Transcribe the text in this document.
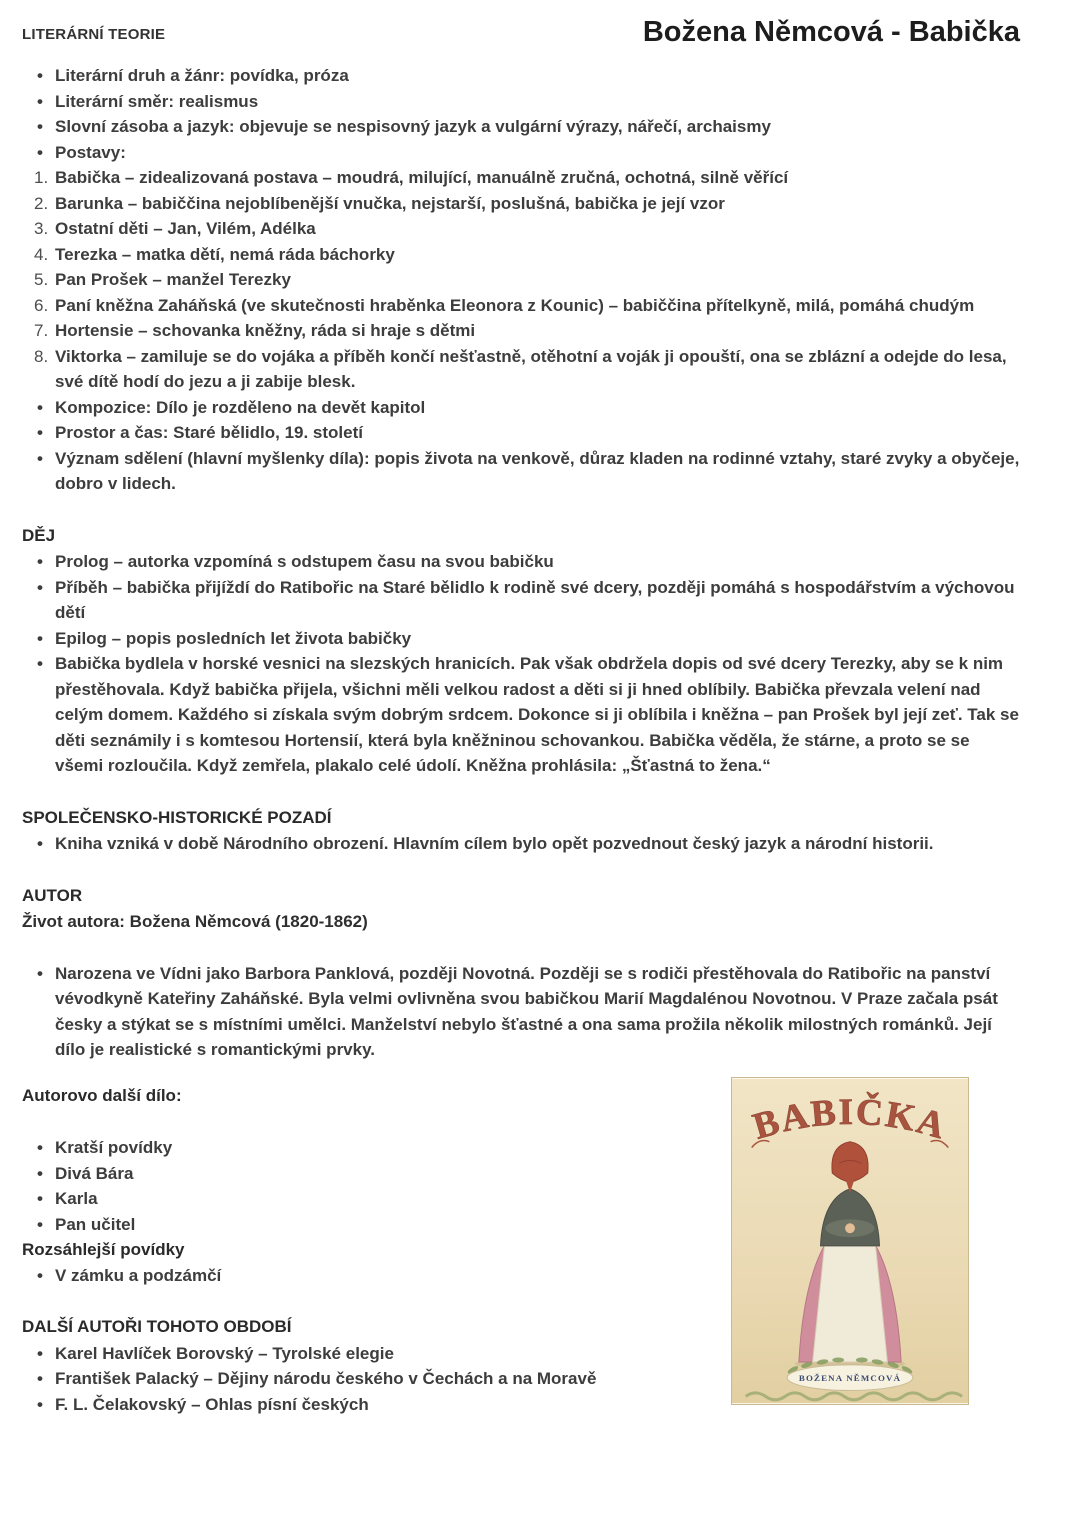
LITERÁRNÍ TEORIE	Božena Němcová - Babička
• Literární druh a žánr: povídka, próza
• Literární směr: realismus
• Slovní zásoba a jazyk: objevuje se nespisovný jazyk a vulgární výrazy, nářečí, archaismy
• Postavy:
Babička – zidealizovaná postava – moudrá, milující, manuálně zručná, ochotná, silně věřící
Barunka – babiččina nejoblíbenější vnučka, nejstarší, poslušná, babička je její vzor
Ostatní děti – Jan, Vilém, Adélka
Terezka – matka dětí, nemá ráda báchorky
Pan Prošek – manžel Terezky
Paní kněžna Zaháňská (ve skutečnosti hraběnka Eleonora z Kounic) – babiččina přítelkyně, milá, pomáhá chudým
Hortensie – schovanka kněžny, ráda si hraje s dětmi
Viktorka – zamiluje se do vojáka a příběh končí nešťastně, otěhotní a voják ji opouští, ona se zblázní a odejde do lesa, své dítě hodí do jezu a ji zabije blesk.
• Kompozice: Dílo je rozděleno na devět kapitol
• Prostor a čas: Staré bělidlo, 19. století
• Význam sdělení (hlavní myšlenky díla): popis života na venkově, důraz kladen na rodinné vztahy, staré zvyky a obyčeje, dobro v lidech.
DĚJ
• Prolog – autorka vzpomíná s odstupem času na svou babičku
• Příběh – babička přijíždí do Ratibořic na Staré bělidlo k rodině své dcery, později pomáhá s hospodářstvím a výchovou dětí
• Epilog – popis posledních let života babičky
• Babička bydlela v horské vesnici na slezských hranicích. Pak však obdržela dopis od své dcery Terezky, aby se k nim přestěhovala. Když babička přijela, všichni měli velkou radost a děti si ji hned oblíbily. Babička převzala velení nad celým domem. Každého si získala svým dobrým srdcem. Dokonce si ji oblíbila i kněžna – pan Prošek byl její zeť. Tak se děti seznámily i s komtesou Hortensií, která byla kněžninou schovankou. Babička věděla, že stárne, a proto se se všemi rozloučila. Když zemřela, plakalo celé údolí. Kněžna prohlásila: „Šťastná to žena.“
SPOLEČENSKO-HISTORICKÉ POZADÍ
• Kniha vzniká v době Národního obrození. Hlavním cílem bylo opět pozvednout český jazyk a národní historii.
AUTOR

Život autora: Božena Němcová (1820-1862)

• Narozena ve Vídni jako Barbora Panklová, později Novotná. Později se s rodiči přestěhovala do Ratibořic na panství vévodkyně Kateřiny Zaháňské. Byla velmi ovlivněna svou babičkou Marií Magdalénou Novotnou. V Praze začala psát česky a stýkat se s místními umělci. Manželství nebylo šťastné a ona sama prožila několik milostných románků. Její dílo je realistické s romantickými prvky.
BABIČKA
BOŽENA NĚMCOVÁ

Autorovo další dílo:

• Kratší povídky
• Divá Bára
• Karla
• Pan učitel

Rozsáhlejší povídky

• V zámku a podzámčí
DALŠÍ AUTOŘI TOHOTO OBDOBÍ
• Karel Havlíček Borovský – Tyrolské elegie
• František Palacký – Dějiny národu českého v Čechách a na Moravě
• F. L. Čelakovský – Ohlas písní českých
